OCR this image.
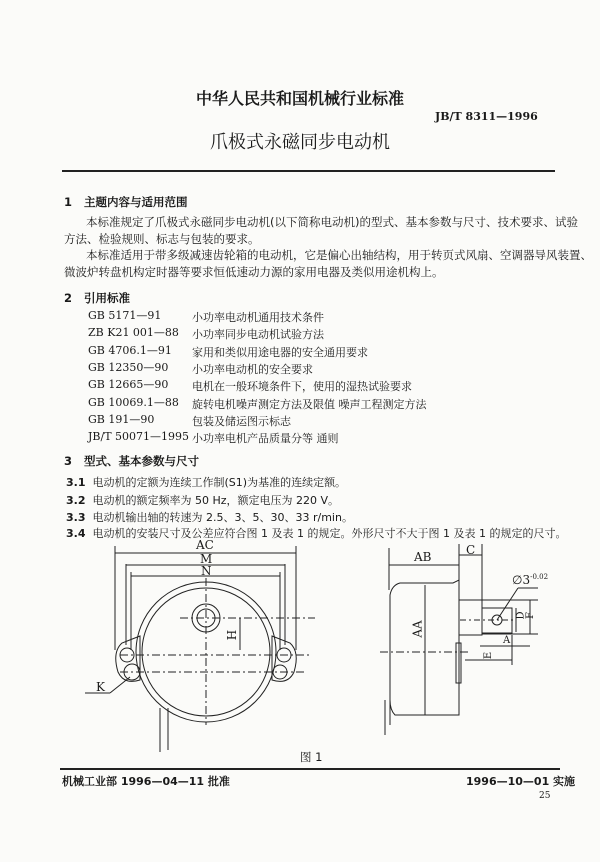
中华人民共和国机械行业标准
JB/T 8311—1996
爪极式永磁同步电动机
1 主题内容与适用范围
本标准规定了爪极式永磁同步电动机(以下简称电动机)的型式、基本参数与尺寸、技术要求、试验
方法、检验规则、标志与包装的要求。
本标准适用于带多级减速齿轮箱的电动机，它是偏心出轴结构，用于转页式风扇、空调器导风装置、
微波炉转盘机构定时器等要求恒低速动力源的家用电器及类似用途机构上。
2 引用标准
GB 5171—91	小功率电动机通用技术条件
ZB K21 001—88 小功率同步电动机试验方法
GB 4706.1—91 家用和类似用途电器的安全通用要求
GB 12350—90 小功率电动机的安全要求
GB 12665—90 电机在一般环境条件下，使用的湿热试验要求
GB 10069.1—88 旋转电机噪声测定方法及限值 噪声工程测定方法
GB 191—90	包装及储运图示标志
JB/T 50071—1995 小功率电机产品质量分等 通则
3 型式、基本参数与尺寸
3.1 电动机的定额为连续工作制(S1)为基准的连续定额。
3.2 电动机的额定频率为 50 Hz，额定电压为 220 V。
3.3 电动机输出轴的转速为 2.5、3、5、30、33 r/min。
3.4 电动机的安装尺寸及公差应符合图 1 及表 1 的规定。外形尺寸不大于图 1 及表 1 的规定的尺寸。
AC
M
N
H
K
AB	C
AA
D
F
A
E
$\emptyset 3^{-0.02}$
图 1
机械工业部 1996—04—11 批准	1996—10—01 实施
25
